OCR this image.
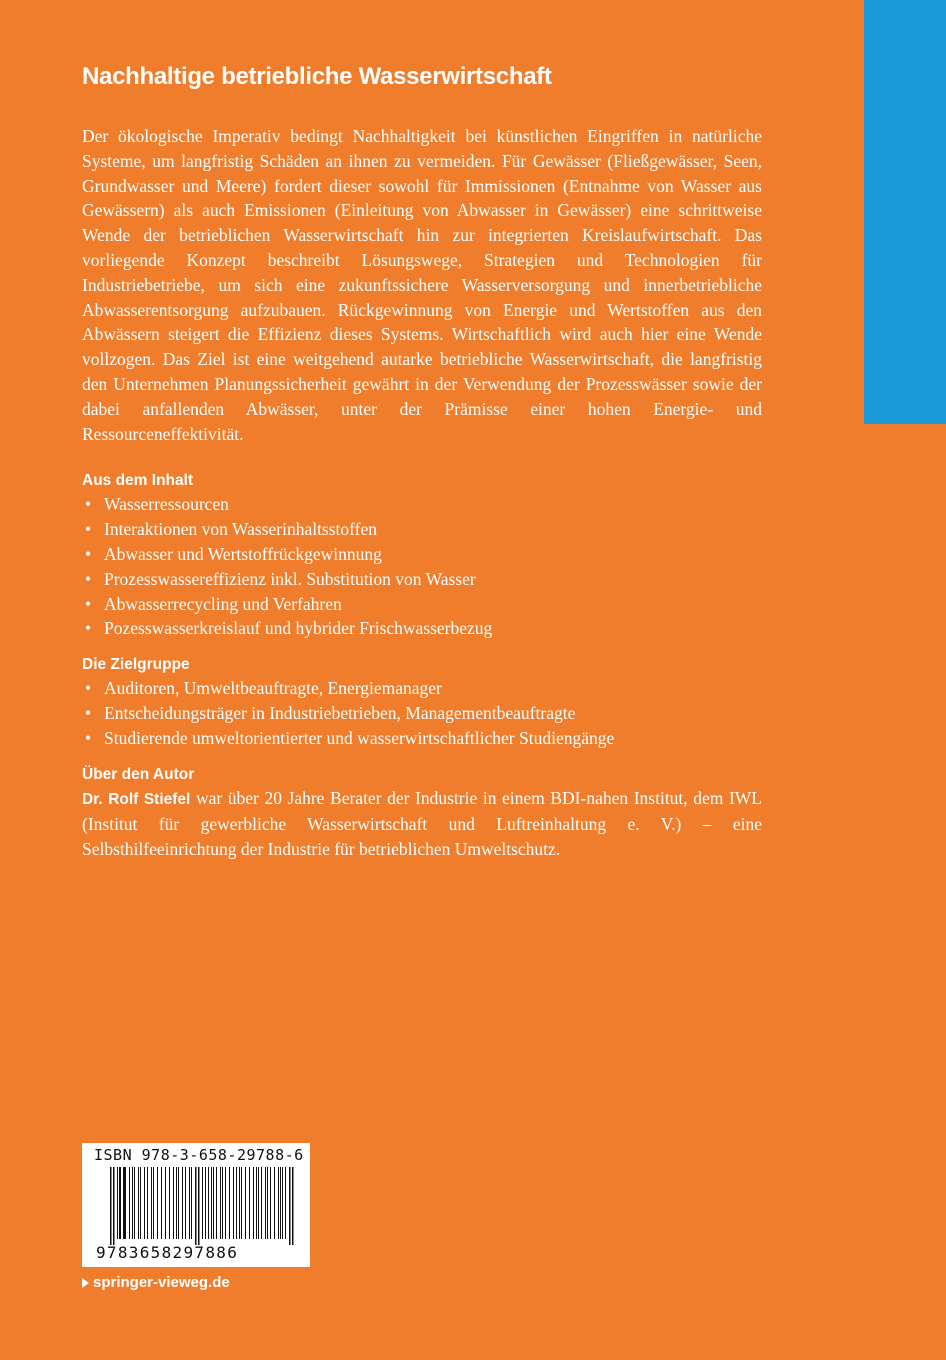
Nachhaltige betriebliche Wasserwirtschaft

Der ökologische Imperativ bedingt Nachhaltigkeit bei künstlichen Eingriffen in natürliche Systeme, um langfristig Schäden an ihnen zu vermeiden. Für Gewässer (Fließgewässer, Seen, Grundwasser und Meere) fordert dieser sowohl für Immissionen (Entnahme von Wasser aus Gewässern) als auch Emissionen (Einleitung von Abwasser in Gewässer) eine schrittweise Wende der betrieblichen Wasserwirtschaft hin zur integrierten Kreislaufwirtschaft. Das vorliegende Konzept beschreibt Lösungswege, Strategien und Technologien für Industriebetriebe, um sich eine zukunftssichere Wasserversorgung und innerbetriebliche Abwasserentsorgung aufzubauen. Rückgewinnung von Energie und Wertstoffen aus den Abwässern steigert die Effizienz dieses Systems. Wirtschaftlich wird auch hier eine Wende vollzogen. Das Ziel ist eine weitgehend autarke betriebliche Wasserwirtschaft, die langfristig den Unternehmen Planungssicherheit gewährt in der Verwendung der Prozesswässer sowie der dabei anfallenden Abwässer, unter der Prämisse einer hohen Energie- und Ressourceneffektivität.

Aus dem Inhalt
• Wasserressourcen
• Interaktionen von Wasserinhaltsstoffen
• Abwasser und Wertstoffrückgewinnung
• Prozesswassereffizienz inkl. Substitution von Wasser
• Abwasserrecycling und Verfahren
• Pozesswasserkreislauf und hybrider Frischwasserbezug
Die Zielgruppe
• Auditoren, Umweltbeauftragte, Energiemanager
• Entscheidungsträger in Industriebetrieben, Managementbeauftragte
• Studierende umweltorientierter und wasserwirtschaftlicher Studiengänge
Über den Autor

Dr. Rolf Stiefel war über 20 Jahre Berater der Industrie in einem BDI-nahen Institut, dem IWL (Institut für gewerbliche Wasserwirtschaft und Luftreinhaltung e. V.) – eine Selbsthilfeeinrichtung der Industrie für betrieblichen Umweltschutz.

ISBN 978-3-658-29788-6
9783658297886
springer-vieweg.de
